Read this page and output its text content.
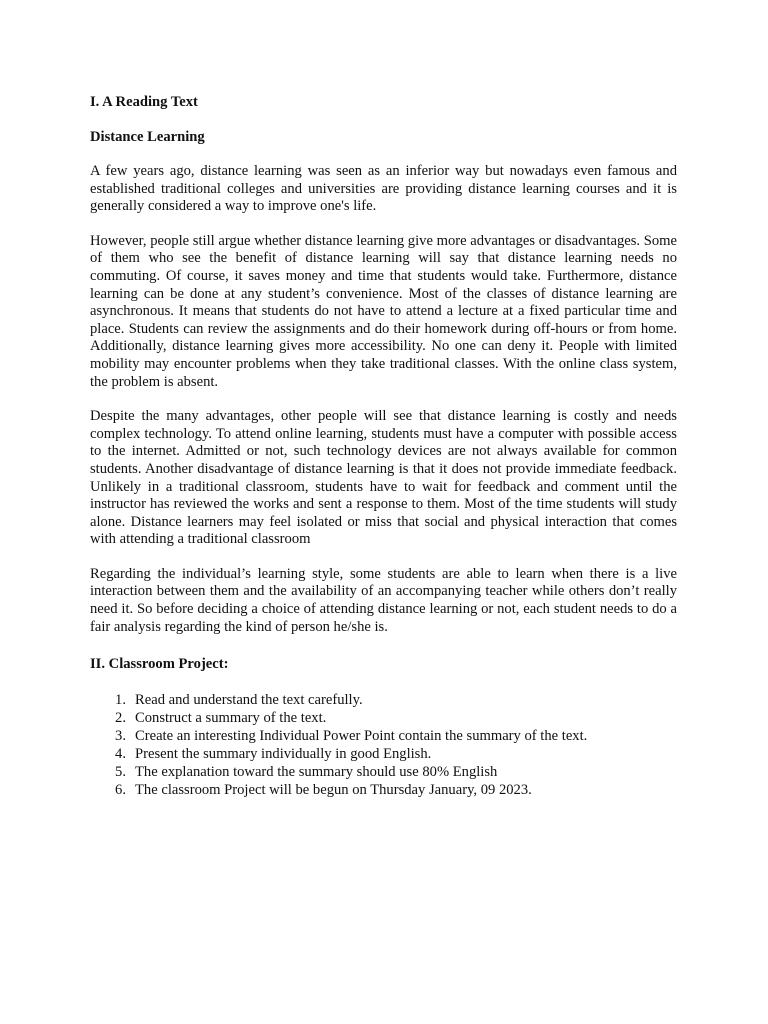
I. A Reading Text

Distance Learning

A few years ago, distance learning was seen as an inferior way but nowadays even famous and established traditional colleges and universities are providing distance learning courses and it is generally considered a way to improve one's life.

However, people still argue whether distance learning give more advantages or disadvantages. Some of them who see the benefit of distance learning will say that distance learning needs no commuting. Of course, it saves money and time that students would take. Furthermore, distance learning can be done at any student’s convenience. Most of the classes of distance learning are asynchronous. It means that students do not have to attend a lecture at a fixed particular time and place. Students can review the assignments and do their homework during off-hours or from home. Additionally, distance learning gives more accessibility. No one can deny it. People with limited mobility may encounter problems when they take traditional classes. With the online class system, the problem is absent.

Despite the many advantages, other people will see that distance learning is costly and needs complex technology. To attend online learning, students must have a computer with possible access to the internet. Admitted or not, such technology devices are not always available for common students. Another disadvantage of distance learning is that it does not provide immediate feedback. Unlikely in a traditional classroom, students have to wait for feedback and comment until the instructor has reviewed the works and sent a response to them. Most of the time students will study alone. Distance learners may feel isolated or miss that social and physical interaction that comes with attending a traditional classroom

Regarding the individual’s learning style, some students are able to learn when there is a live interaction between them and the availability of an accompanying teacher while others don’t really need it. So before deciding a choice of attending distance learning or not, each student needs to do a fair analysis regarding the kind of person he/she is.

II. Classroom Project:

1. Read and understand the text carefully.
2. Construct a summary of the text.
3. Create an interesting Individual Power Point contain the summary of the text.
4. Present the summary individually in good English.
5. The explanation toward the summary should use 80% English
6. The classroom Project will be begun on Thursday January, 09 2023.
